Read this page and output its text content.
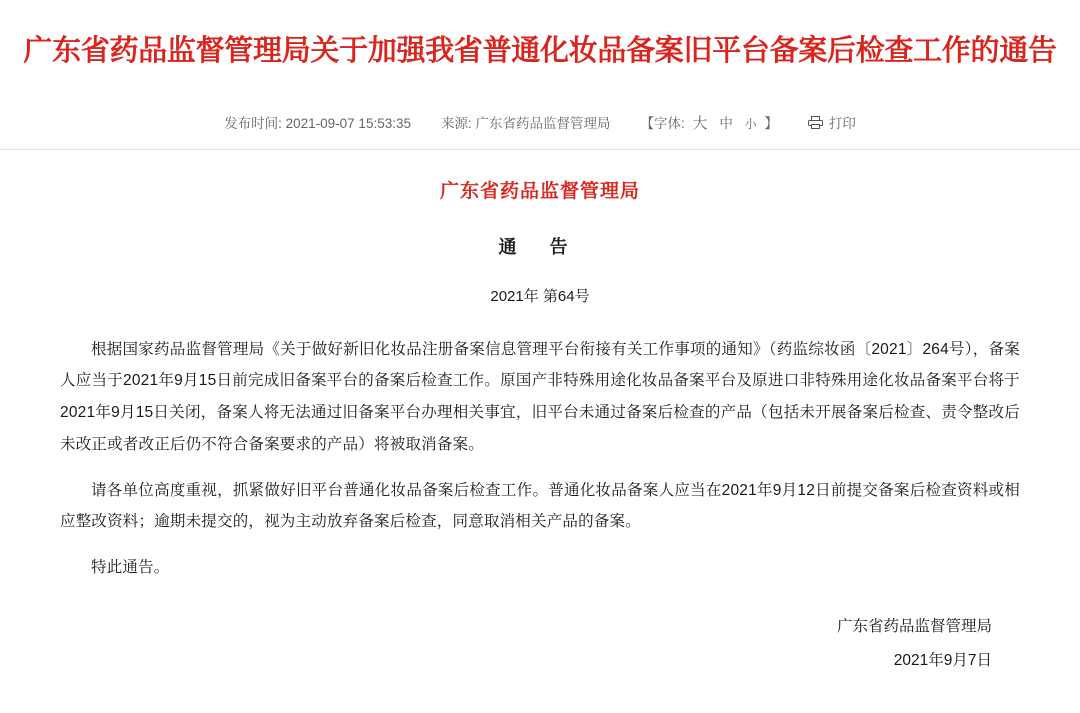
广东省药品监督管理局关于加强我省普通化妆品备案旧平台备案后检查工作的通告
发布时间: 2021-09-07 15:53:35 来源: 广东省药品监督管理局 【字体: 大 中 小 】	打印
广东省药品监督管理局
通 告
2021年 第64号

根据国家药品监督管理局《关于做好新旧化妆品注册备案信息管理平台衔接有关工作事项的通知》（药监综妆函〔2021〕264号），备案人应当于2021年9月15日前完成旧备案平台的备案后检查工作。原国产非特殊用途化妆品备案平台及原进口非特殊用途化妆品备案平台将于2021年9月15日关闭，备案人将无法通过旧备案平台办理相关事宜，旧平台未通过备案后检查的产品（包括未开展备案后检查、责令整改后未改正或者改正后仍不符合备案要求的产品）将被取消备案。

请各单位高度重视，抓紧做好旧平台普通化妆品备案后检查工作。普通化妆品备案人应当在2021年9月12日前提交备案后检查资料或相应整改资料；逾期未提交的，视为主动放弃备案后检查，同意取消相关产品的备案。

特此通告。

广东省药品监督管理局
2021年9月7日
